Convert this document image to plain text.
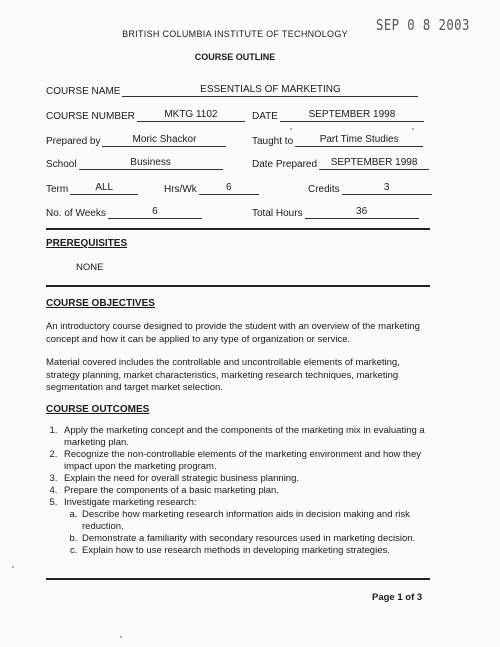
SEP 0 8 2003
BRITISH COLUMBIA INSTITUTE OF TECHNOLOGY
COURSE OUTLINE
COURSE NAME	ESSENTIALS OF MARKETING
COURSE NUMBER	MKTG 1102	DATE	SEPTEMBER 1998
Prepared by	Moric Shackor	Taught to	Part Time Studies
School	Business	Date Prepared	SEPTEMBER 1998
Term	ALL	Hrs/Wk	6	Credits	3
No. of Weeks	6	Total Hours	36
PREREQUISITES
NONE
COURSE OBJECTIVES
An introductory course designed to provide the student with an overview of the marketing concept and how it can be applied to any type of organization or service.
Material covered includes the controllable and uncontrollable elements of marketing, strategy planning, market characteristics, marketing research techniques, marketing segmentation and target market selection.
COURSE OUTCOMES
1. Apply the marketing concept and the components of the marketing mix in evaluating a marketing plan.
2. Recognize the non-controllable elements of the marketing environment and how they impact upon the marketing program.
3. Explain the need for overall strategic business planning.
4. Prepare the components of a basic marketing plan.
5. Investigate marketing research:
a. Describe how marketing research information aids in decision making and risk reduction.
b. Demonstrate a familiarity with secondary resources used in marketing decision.
c. Explain how to use research methods in developing marketing strategies.
Page 1 of 3
